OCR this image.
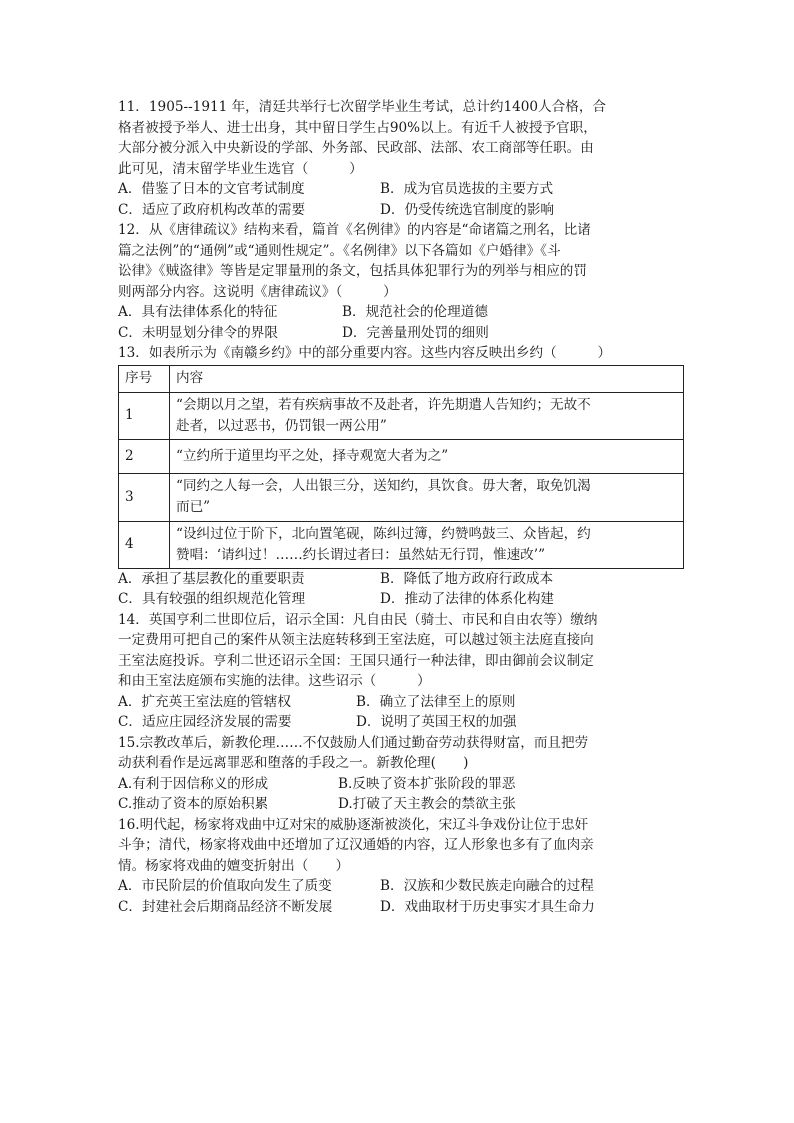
11．1905--1911 年，清廷共举行七次留学毕业生考试，总计约1400人合格，合
格者被授予举人、进士出身，其中留日学生占90%以上。有近千人被授予官职，
大部分被分派入中央新设的学部、外务部、民政部、法部、农工商部等任职。由
此可见，清末留学毕业生选官（　　　）
A．借鉴了日本的文官考试制度	B．成为官员选拔的主要方式
C．适应了政府机构改革的需要	D．仍受传统选官制度的影响
12．从《唐律疏议》结构来看，篇首《名例律》的内容是“命诸篇之刑名，比诸
篇之法例”的“通例”或“通则性规定”。《名例律》以下各篇如《户婚律》《斗
讼律》《贼盗律》等皆是定罪量刑的条文，包括具体犯罪行为的列举与相应的罚
则两部分内容。这说明《唐律疏议》（　　　）
A．具有法律体系化的特征	B．规范社会的伦理道德
C．未明显划分律令的界限	D．完善量刑处罚的细则
13．如表所示为《南赣乡约》中的部分重要内容。这些内容反映出乡约（　　　）
序号	内容
1	“会期以月之望，若有疾病事故不及赴者，许先期遣人告知约；无故不
赴者，以过恶书，仍罚银一两公用”

2	“立约所于道里均平之处，择寺观宽大者为之”

3	“同约之人每一会，人出银三分，送知约，具饮食。毋大奢，取免饥渴
而已”

4	“设纠过位于阶下，北向置笔砚，陈纠过簿，约赞鸣鼓三、众皆起，约
赞唱：‘请纠过！……约长谓过者曰：虽然姑无行罚，惟速改’”
A．承担了基层教化的重要职责	B．降低了地方政府行政成本
C．具有较强的组织规范化管理	D．推动了法律的体系化构建
14．英国亨利二世即位后，诏示全国：凡自由民（骑士、市民和自由农等）缴纳
一定费用可把自己的案件从领主法庭转移到王室法庭，可以越过领主法庭直接向
王室法庭投诉。亨利二世还诏示全国：王国只通行一种法律，即由御前会议制定
和由王室法庭颁布实施的法律。这些诏示（　　　）
A．扩充英王室法庭的管辖权	B．确立了法律至上的原则
C．适应庄园经济发展的需要	D．说明了英国王权的加强
15.宗教改革后，新教伦理……不仅鼓励人们通过勤奋劳动获得财富，而且把劳
动获利看作是远离罪恶和堕落的手段之一。新教伦理(　　)
A.有利于因信称义的形成	B.反映了资本扩张阶段的罪恶
C.推动了资本的原始积累	D.打破了天主教会的禁欲主张
16.明代起，杨家将戏曲中辽对宋的威胁逐渐被淡化，宋辽斗争戏份让位于忠奸
斗争；清代，杨家将戏曲中还增加了辽汉通婚的内容，辽人形象也多有了血肉亲
情。杨家将戏曲的嬗变折射出（　　）
A．市民阶层的价值取向发生了质变	B．汉族和少数民族走向融合的过程
C．封建社会后期商品经济不断发展	D．戏曲取材于历史事实才具生命力
